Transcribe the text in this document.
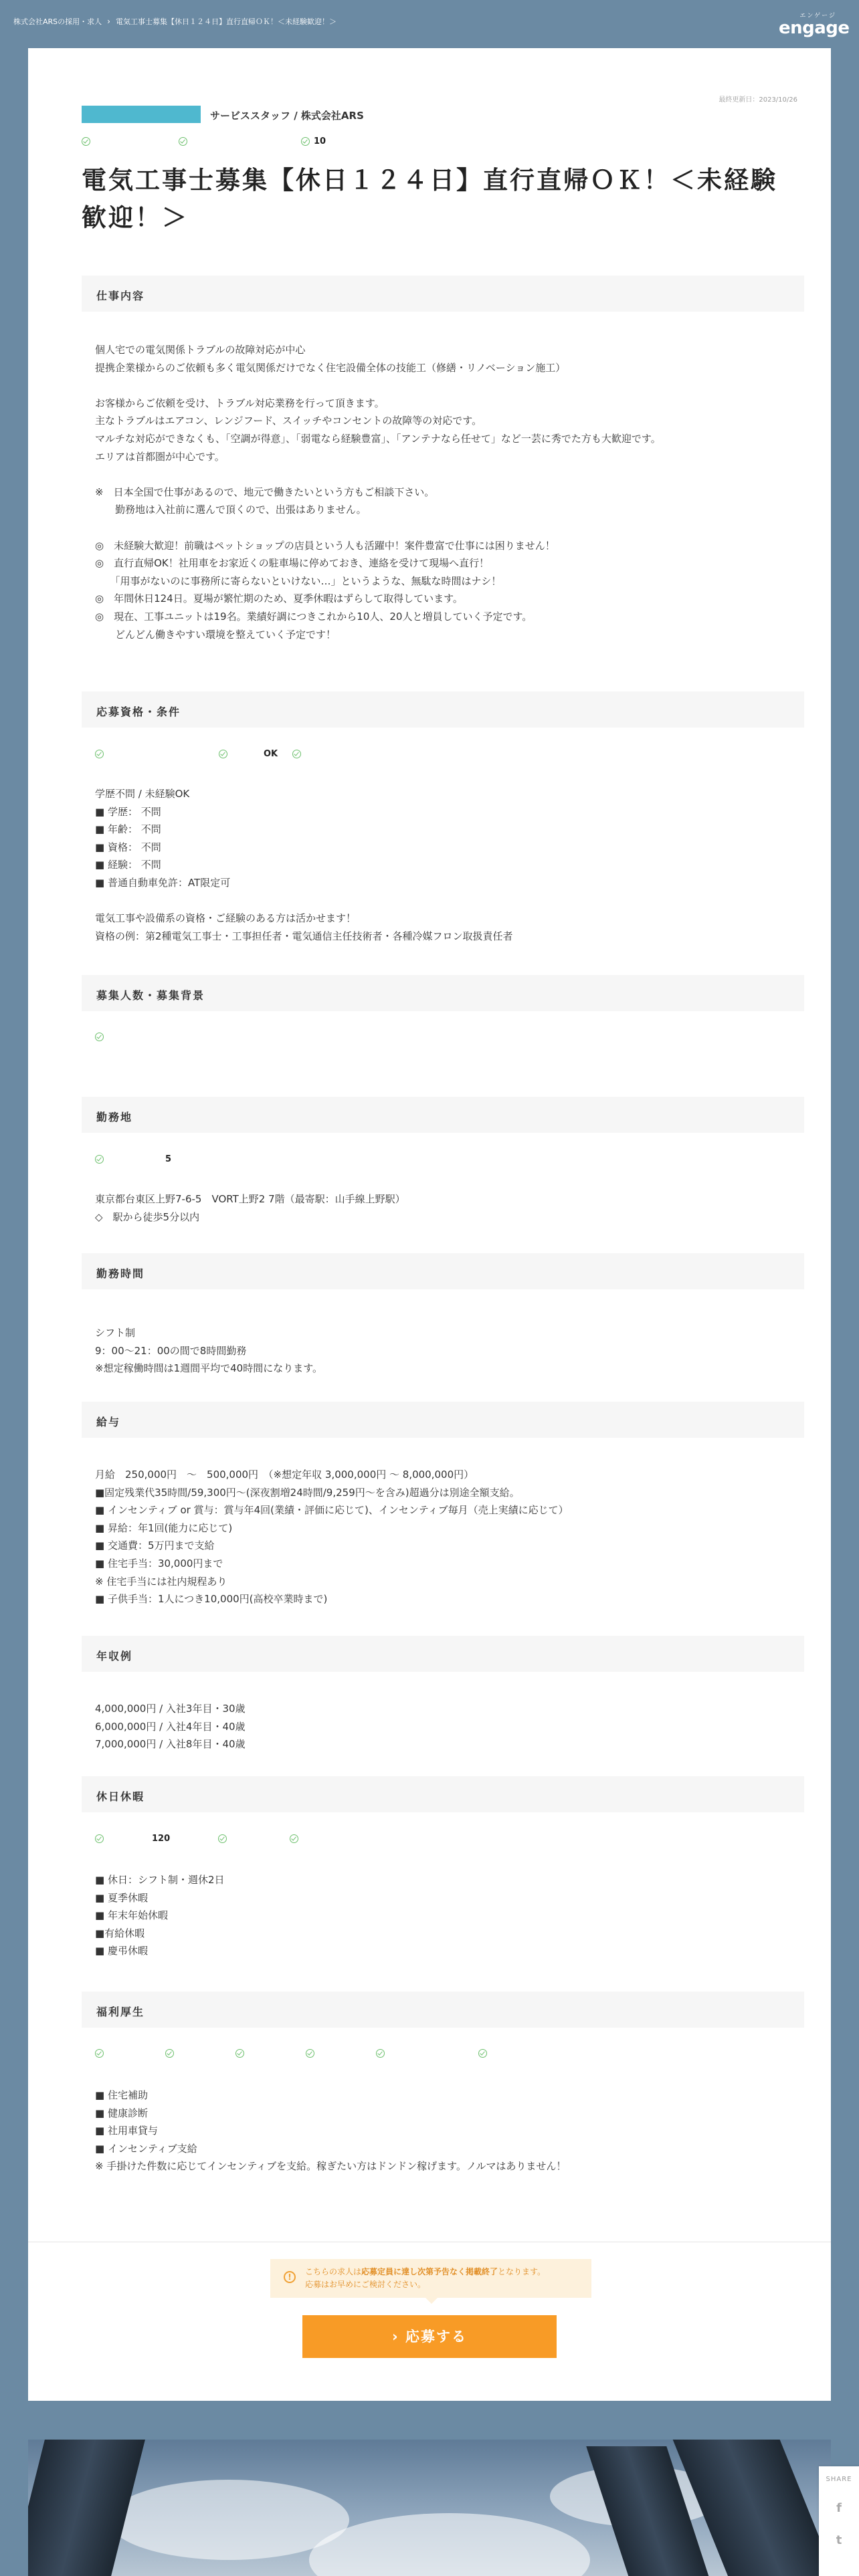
株式会社ARSの採用・求人 › 電気工事士募集【休日１２４日】直行直帰ＯＫ！＜未経験歓迎！＞
エンゲージ
engage
最終更新日：2023/10/26
サービススタッフ / 株式会社ARS
10
電気工事士募集【休日１２４日】直行直帰ＯＫ！＜未経験歓迎！＞
仕事内容
個人宅での電気関係トラブルの故障対応が中心
提携企業様からのご依頼も多く電気関係だけでなく住宅設備全体の技能工（修繕・リノベーション施工）

お客様からご依頼を受け、トラブル対応業務を行って頂きます。
主なトラブルはエアコン、レンジフード、スイッチやコンセントの故障等の対応です。
マルチな対応ができなくも、「空調が得意」、「弱電なら経験豊富」、「アンテナなら任せて」など一芸に秀でた方も大歓迎です。
エリアは首都圏が中心です。

※　日本全国で仕事があるので、地元で働きたいという方もご相談下さい。
　　勤務地は入社前に選んで頂くので、出張はありません。

◎　未経験大歓迎！前職はペットショップの店員という人も活躍中！案件豊富で仕事には困りません！
◎　直行直帰OK！社用車をお家近くの駐車場に停めておき、連絡を受けて現場へ直行！
　　「用事がないのに事務所に寄らないといけない…」というような、無駄な時間はナシ！
◎　年間休日124日。夏場が繁忙期のため、夏季休暇はずらして取得しています。
◎　現在、工事ユニットは19名。業績好調につきこれから10人、20人と増員していく予定です。
　　どんどん働きやすい環境を整えていく予定です！
応募資格・条件
OK
学歴不問 / 未経験OK
■ 学歴： 不問
■ 年齢： 不問
■ 資格： 不問
■ 経験： 不問
■ 普通自動車免許：AT限定可

電気工事や設備系の資格・ご経験のある方は活かせます！
資格の例：第2種電気工事士・工事担任者・電気通信主任技術者・各種冷媒フロン取扱責任者
募集人数・募集背景
勤務地
5
東京都台東区上野7-6-5　VORT上野2 7階（最寄駅：山手線上野駅）
◇　駅から徒歩5分以内
勤務時間
シフト制
9：00～21：00の間で8時間勤務
※想定稼働時間は1週間平均で40時間になります。
給与
月給　250,000円　～　500,000円　（※想定年収 3,000,000円 ～ 8,000,000円）
■固定残業代35時間/59,300円～(深夜割増24時間/9,259円～を含み)超過分は別途全額支給。
■ インセンティブ or 賞与：賞与年4回(業績・評価に応じて)、インセンティブ毎月（売上実績に応じて）
■ 昇給：年1回(能力に応じて)
■ 交通費：5万円まで支給
■ 住宅手当：30,000円まで
※ 住宅手当には社内規程あり
■ 子供手当：1人につき10,000円(高校卒業時まで)
年収例
4,000,000円 / 入社3年目・30歳
6,000,000円 / 入社4年目・40歳
7,000,000円 / 入社8年目・40歳
休日休暇
120
■ 休日：シフト制・週休2日
■ 夏季休暇
■ 年末年始休暇
■有給休暇
■ 慶弔休暇
福利厚生
■ 住宅補助
■ 健康診断
■ 社用車貸与
■ インセンティブ支給
※ 手掛けた件数に応じてインセンティブを支給。稼ぎたい方はドンドン稼げます。ノルマはありません！
!
こちらの求人は応募定員に達し次第予告なく掲載終了となります。
応募はお早めにご検討ください。
› 応募する
SHARE
f
t
